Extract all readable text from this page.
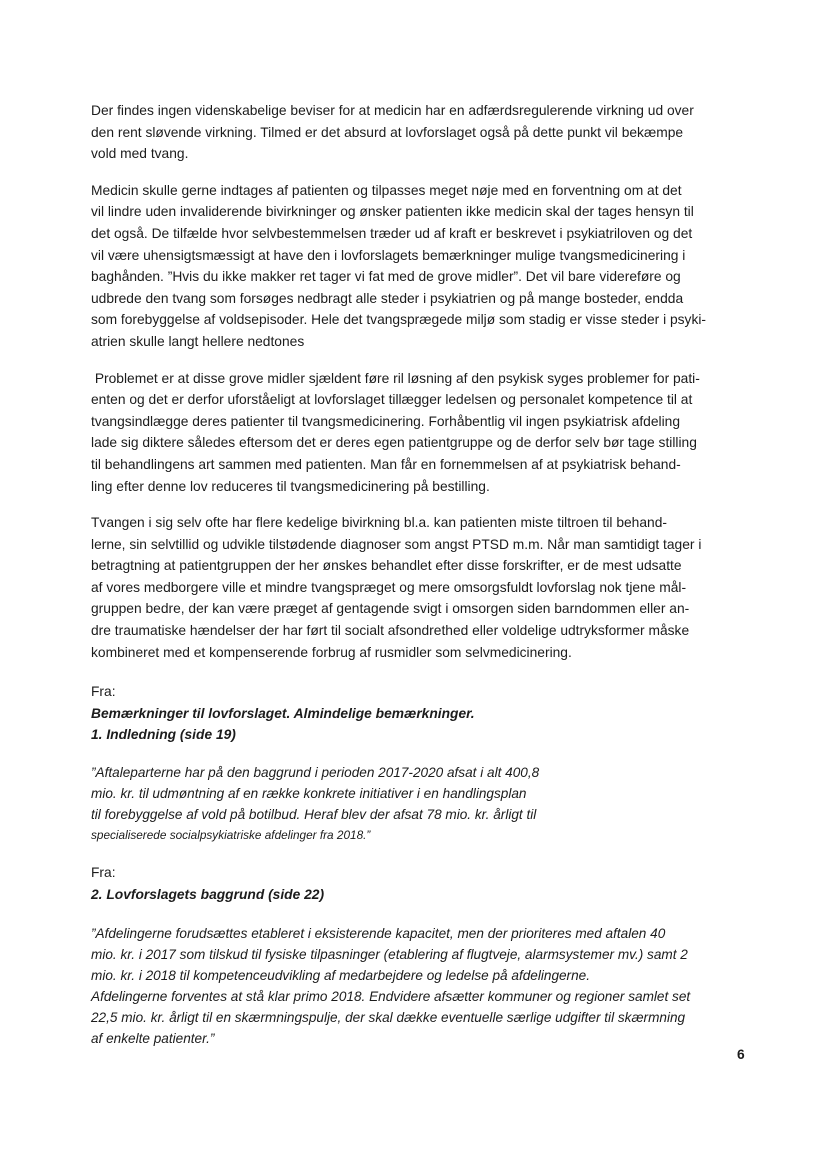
Der findes ingen videnskabelige beviser for at medicin har en adfærdsregulerende virkning ud over
den rent sløvende virkning. Tilmed er det absurd at lovforslaget også på dette punkt vil bekæmpe
vold med tvang.

Medicin skulle gerne indtages af patienten og tilpasses meget nøje med en forventning om at det
vil lindre uden invaliderende bivirkninger og ønsker patienten ikke medicin skal der tages hensyn til
det også. De tilfælde hvor selvbestemmelsen træder ud af kraft er beskrevet i psykiatriloven og det
vil være uhensigtsmæssigt at have den i lovforslagets bemærkninger mulige tvangsmedicinering i
baghånden. ”Hvis du ikke makker ret tager vi fat med de grove midler”. Det vil bare videreføre og
udbrede den tvang som forsøges nedbragt alle steder i psykiatrien og på mange bosteder, endda
som forebyggelse af voldsepisoder. Hele det tvangsprægede miljø som stadig er visse steder i psyki-
atrien skulle langt hellere nedtones

Problemet er at disse grove midler sjældent føre ril løsning af den psykisk syges problemer for pati-
enten og det er derfor uforståeligt at lovforslaget tillægger ledelsen og personalet kompetence til at
tvangsindlægge deres patienter til tvangsmedicinering. Forhåbentlig vil ingen psykiatrisk afdeling
lade sig diktere således eftersom det er deres egen patientgruppe og de derfor selv bør tage stilling
til behandlingens art sammen med patienten. Man får en fornemmelsen af at psykiatrisk behand-
ling efter denne lov reduceres til tvangsmedicinering på bestilling.

Tvangen i sig selv ofte har flere kedelige bivirkning bl.a. kan patienten miste tiltroen til behand-
lerne, sin selvtillid og udvikle tilstødende diagnoser som angst PTSD m.m. Når man samtidigt tager i
betragtning at patientgruppen der her ønskes behandlet efter disse forskrifter, er de mest udsatte
af vores medborgere ville et mindre tvangspræget og mere omsorgsfuldt lovforslag nok tjene mål-
gruppen bedre, der kan være præget af gentagende svigt i omsorgen siden barndommen eller an-
dre traumatiske hændelser der har ført til socialt afsondrethed eller voldelige udtryksformer måske
kombineret med et kompenserende forbrug af rusmidler som selvmedicinering.

Fra:

Bemærkninger til lovforslaget. Almindelige bemærkninger.

1. Indledning (side 19)

”Aftaleparterne har på den baggrund i perioden 2017-2020 afsat i alt 400,8
mio. kr. til udmøntning af en række konkrete initiativer i en handlingsplan
til forebyggelse af vold på botilbud. Heraf blev der afsat 78 mio. kr. årligt til
specialiserede socialpsykiatriske afdelinger fra 2018.”

Fra:

2. Lovforslagets baggrund (side 22)

”Afdelingerne forudsættes etableret i eksisterende kapacitet, men der prioriteres med aftalen 40
mio. kr. i 2017 som tilskud til fysiske tilpasninger (etablering af flugtveje, alarmsystemer mv.) samt 2
mio. kr. i 2018 til kompetenceudvikling af medarbejdere og ledelse på afdelingerne.
Afdelingerne forventes at stå klar primo 2018. Endvidere afsætter kommuner og regioner samlet set
22,5 mio. kr. årligt til en skærmningspulje, der skal dække eventuelle særlige udgifter til skærmning
af enkelte patienter.”

6
